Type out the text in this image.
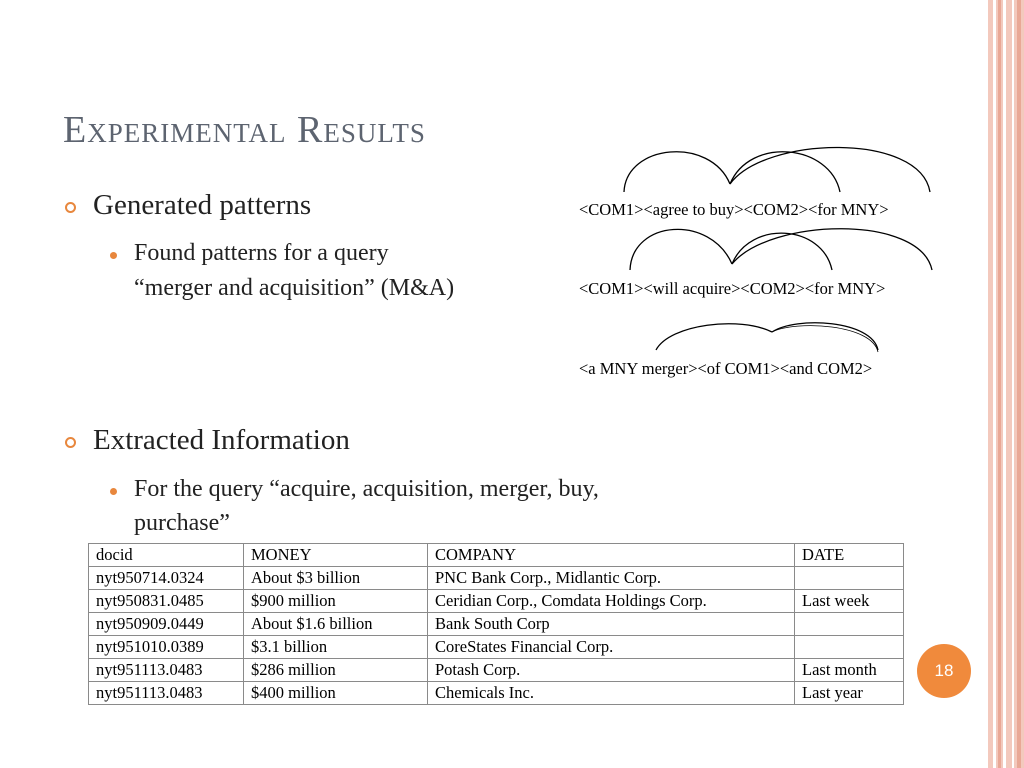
Experimental Results
Generated patterns
Found patterns for a query
“merger and acquisition” (M&A)
<COM1><agree to buy><COM2><for MNY>
<COM1><will acquire><COM2><for MNY>
<a MNY merger><of COM1><and COM2>
Extracted Information
For the query “acquire, acquisition, merger, buy,
purchase”
docid	MONEY	COMPANY	DATE
nyt950714.0324	About $3 billion	PNC Bank Corp., Midlantic Corp.	
nyt950831.0485	$900 million	Ceridian Corp., Comdata Holdings Corp.	Last week
nyt950909.0449	About $1.6 billion	Bank South Corp	
nyt951010.0389	$3.1 billion	CoreStates Financial Corp.	
nyt951113.0483	$286 million	Potash Corp.	Last month
nyt951113.0483	$400 million	Chemicals Inc.	Last year
18
